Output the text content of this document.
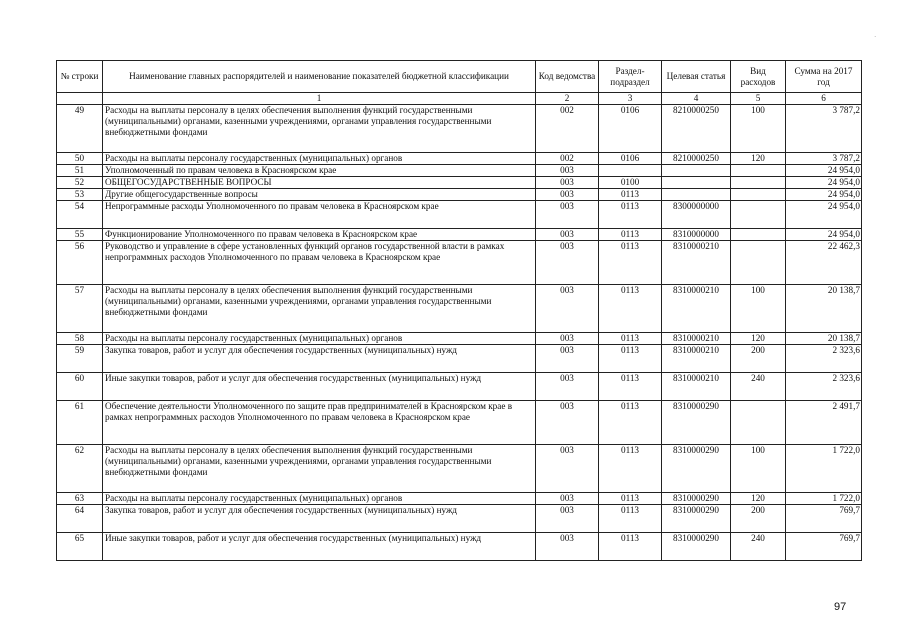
·
№ строки	Наименование главных распорядителей и наименование показателей бюджетной классификации	Код ведомства	Раздел-подраздел	Целевая статья	Вид расходов	Сумма на 2017 год
	1	2	3	4	5	6
49	Расходы на выплаты персоналу в целях обеспечения выполнения функций государственными (муниципальными) органами, казенными учреждениями, органами управления государственными внебюджетными фондами	002	0106	8210000250	100	3 787,2
50	Расходы на выплаты персоналу государственных (муниципальных) органов	002	0106	8210000250	120	3 787,2
51	Уполномоченный по правам человека в Красноярском крае	003				24 954,0
52	ОБЩЕГОСУДАРСТВЕННЫЕ ВОПРОСЫ	003	0100			24 954,0
53	Другие общегосударственные вопросы	003	0113			24 954,0
54	Непрограммные расходы Уполномоченного по правам человека в Красноярском крае	003	0113	8300000000		24 954,0
55	Функционирование Уполномоченного по правам человека в Красноярском крае	003	0113	8310000000		24 954,0
56	Руководство и управление в сфере установленных функций органов государственной власти в рамках непрограммных расходов Уполномоченного по правам человека в Красноярском крае	003	0113	8310000210		22 462,3
57	Расходы на выплаты персоналу в целях обеспечения выполнения функций государственными (муниципальными) органами, казенными учреждениями, органами управления государственными внебюджетными фондами	003	0113	8310000210	100	20 138,7
58	Расходы на выплаты персоналу государственных (муниципальных) органов	003	0113	8310000210	120	20 138,7
59	Закупка товаров, работ и услуг для обеспечения государственных (муниципальных) нужд	003	0113	8310000210	200	2 323,6
60	Иные закупки товаров, работ и услуг для обеспечения государственных (муниципальных) нужд	003	0113	8310000210	240	2 323,6
61	Обеспечение деятельности Уполномоченного по защите прав предпринимателей в Красноярском крае в рамках непрограммных расходов Уполномоченного по правам человека в Красноярском крае	003	0113	8310000290		2 491,7
62	Расходы на выплаты персоналу в целях обеспечения выполнения функций государственными (муниципальными) органами, казенными учреждениями, органами управления государственными внебюджетными фондами	003	0113	8310000290	100	1 722,0
63	Расходы на выплаты персоналу государственных (муниципальных) органов	003	0113	8310000290	120	1 722,0
64	Закупка товаров, работ и услуг для обеспечения государственных (муниципальных) нужд	003	0113	8310000290	200	769,7
65	Иные закупки товаров, работ и услуг для обеспечения государственных (муниципальных) нужд	003	0113	8310000290	240	769,7
97
